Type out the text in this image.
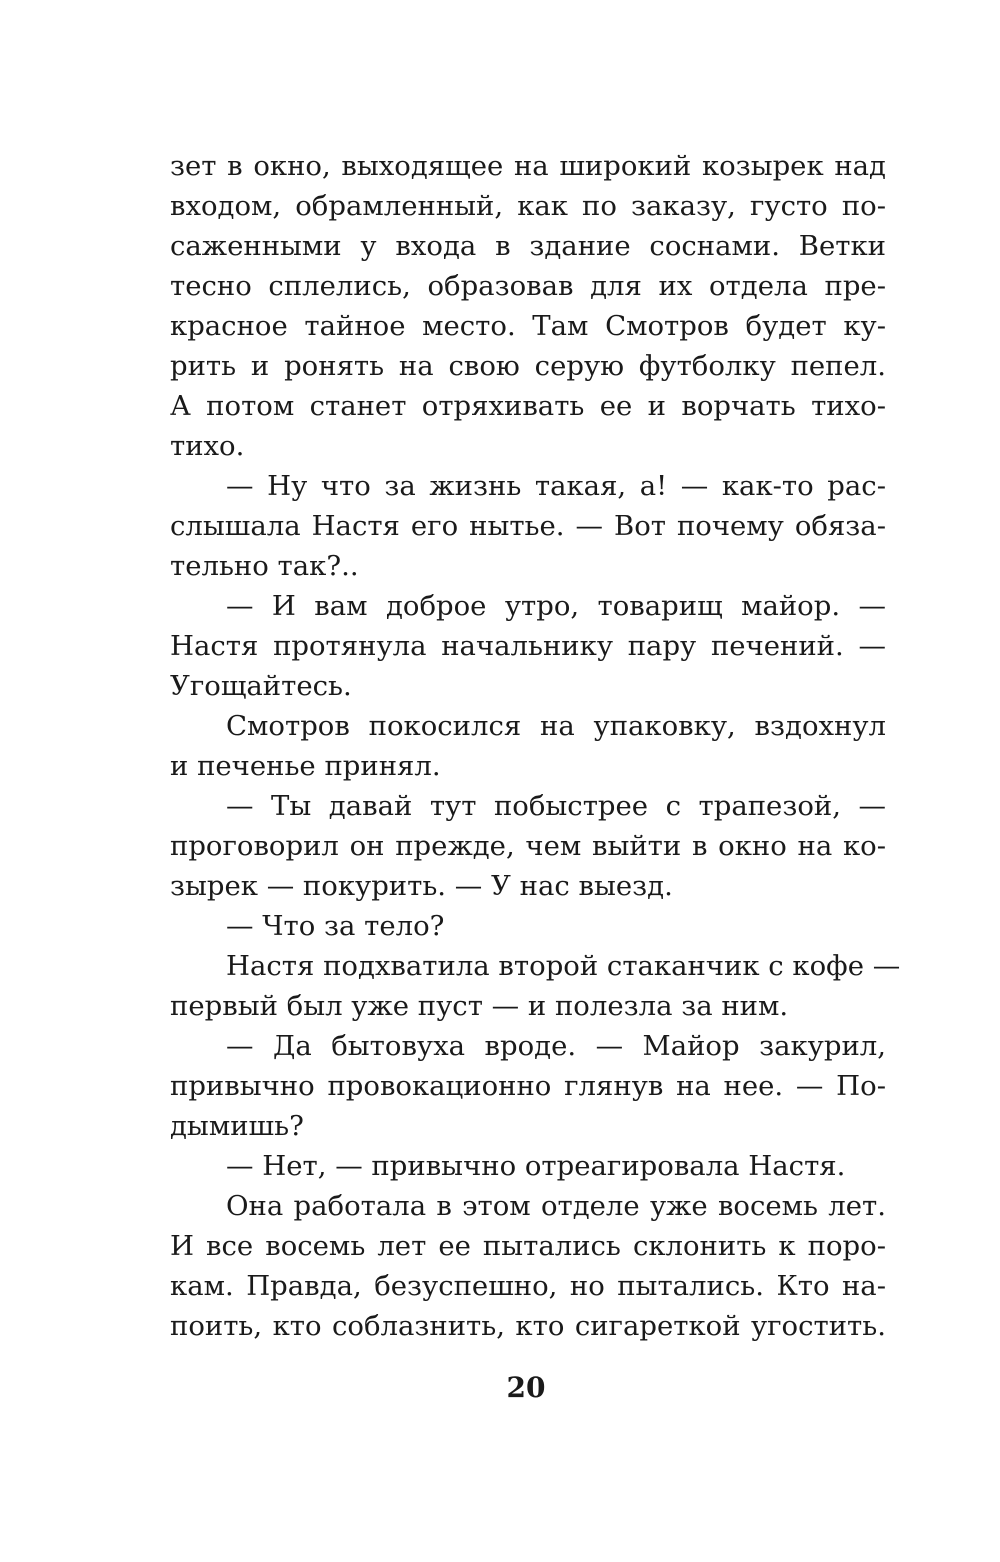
зет в окно, выходящее на широкий козырек над
входом, обрамленный, как по заказу, густо по-
саженными у входа в здание соснами. Ветки
тесно сплелись, образовав для их отдела пре-
красное тайное место. Там Смотров будет ку-
рить и ронять на свою серую футболку пепел.
А потом станет отряхивать ее и ворчать тихо-
тихо.
— Ну что за жизнь такая, а! — как-то рас-
слышала Настя его нытье. — Вот почему обяза-
тельно так?..
— И вам доброе утро, товарищ майор. —
Настя протянула начальнику пару печений. —
Угощайтесь.
Смотров покосился на упаковку, вздохнул
и печенье принял.
— Ты давай тут побыстрее с трапезой, —
проговорил он прежде, чем выйти в окно на ко-
зырек — покурить. — У нас выезд.
— Что за тело?
Настя подхватила второй стаканчик с кофе —
первый был уже пуст — и полезла за ним.
— Да бытовуха вроде. — Майор закурил,
привычно провокационно глянув на нее. — По-
дымишь?
— Нет, — привычно отреагировала Настя.
Она работала в этом отделе уже восемь лет.
И все восемь лет ее пытались склонить к поро-
кам. Правда, безуспешно, но пытались. Кто на-
поить, кто соблазнить, кто сигареткой угостить.
20
